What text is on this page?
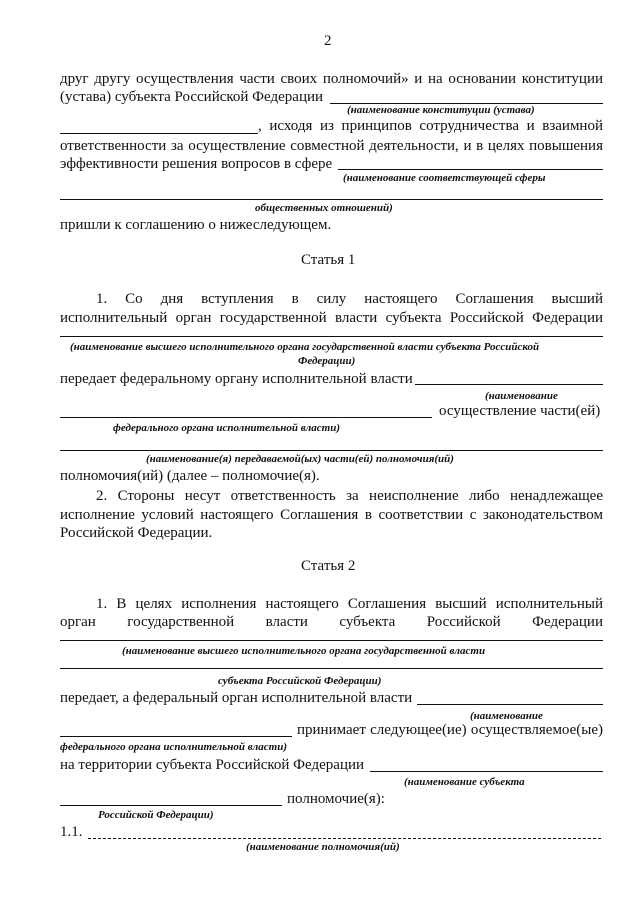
2
друг другу осуществления части своих полномочий» и на основании конституции
(устава) субъекта Российской Федерации
(наименование конституции (устава)
, исходя из принципов сотрудничества и взаимной
ответственности за осуществление совместной деятельности, и в целях повышения
эффективности решения вопросов в сфере
(наименование соответствующей сферы
общественных отношений)
пришли к соглашению о нижеследующем.
Статья 1
1. Со дня вступления в силу настоящего Соглашения высший
исполнительный орган государственной власти субъекта Российской Федерации
(наименование высшего исполнительного органа государственной власти субъекта Российской
Федерации)
передает федеральному органу исполнительной власти
(наименование
осуществление части(ей)
федерального органа исполнительной власти)
(наименование(я) передаваемой(ых) части(ей) полномочия(ий)
полномочия(ий) (далее – полномочие(я).
2. Стороны несут ответственность за неисполнение либо ненадлежащее
исполнение условий настоящего Соглашения в соответствии с законодательством
Российской Федерации.
Статья 2
1. В целях исполнения настоящего Соглашения высший исполнительный
орган государственной власти субъекта Российской Федерации
(наименование высшего исполнительного органа государственной власти
субъекта Российской Федерации)
передает, а федеральный орган исполнительной власти
(наименование
принимает следующее(ие) осуществляемое(ые)
федерального органа исполнительной власти)
на территории субъекта Российской Федерации
(наименование субъекта
полномочие(я):
Российской Федерации)
1.1.
(наименование полномочия(ий)
